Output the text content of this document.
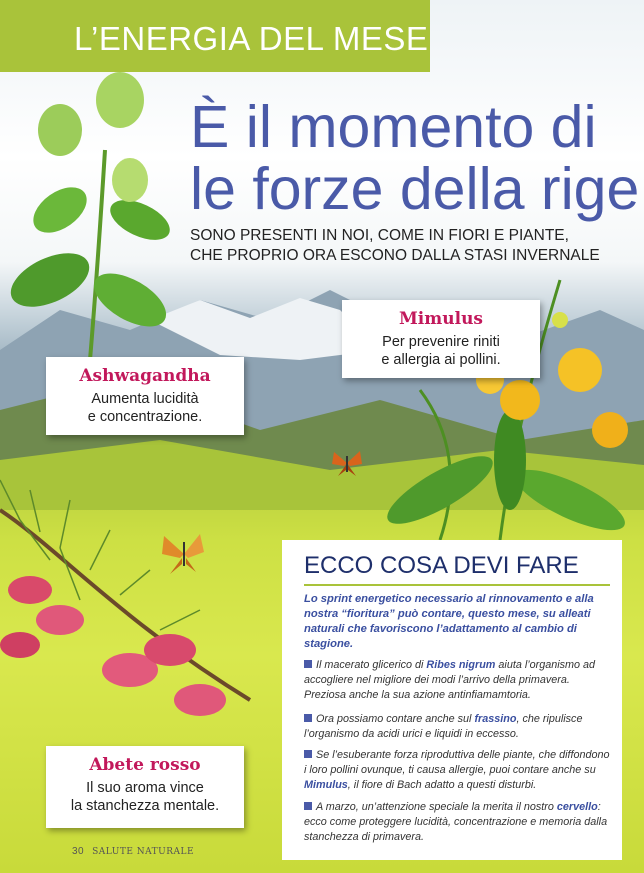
L’ENERGIA DEL MESE
È il momento di
le forze della rige
SONO PRESENTI IN NOI, COME IN FIORI E PIANTE,
CHE PROPRIO ORA ESCONO DALLA STASI INVERNALE
Mimulus
Per prevenire riniti
e allergia ai pollini.
Ashwagandha
Aumenta lucidità
e concentrazione.
Abete rosso
Il suo aroma vince
la stanchezza mentale.
ECCO COSA DEVI FARE
Lo sprint energetico necessario al rinnovamento e alla nostra “fioritura” può contare, questo mese, su alleati naturali che favoriscono l’adattamento al cambio di stagione.
Il macerato glicerico di Ribes nigrum aiuta l’organismo ad accogliere nel migliore dei modi l’arrivo della primavera. Preziosa anche la sua azione antinfiamamtoria.
Ora possiamo contare anche sul frassino, che ripulisce l’organismo da acidi urici e liquidi in eccesso.
Se l’esuberante forza riproduttiva delle piante, che diffondono i loro pollini ovunque, ti causa allergie, puoi contare anche su Mimulus, il fiore di Bach adatto a questi disturbi.
A marzo, un’attenzione speciale la merita il nostro cervello: ecco come proteggere lucidità, concentrazione e memoria dalla stanchezza di primavera.
30 SALUTE NATURALE
